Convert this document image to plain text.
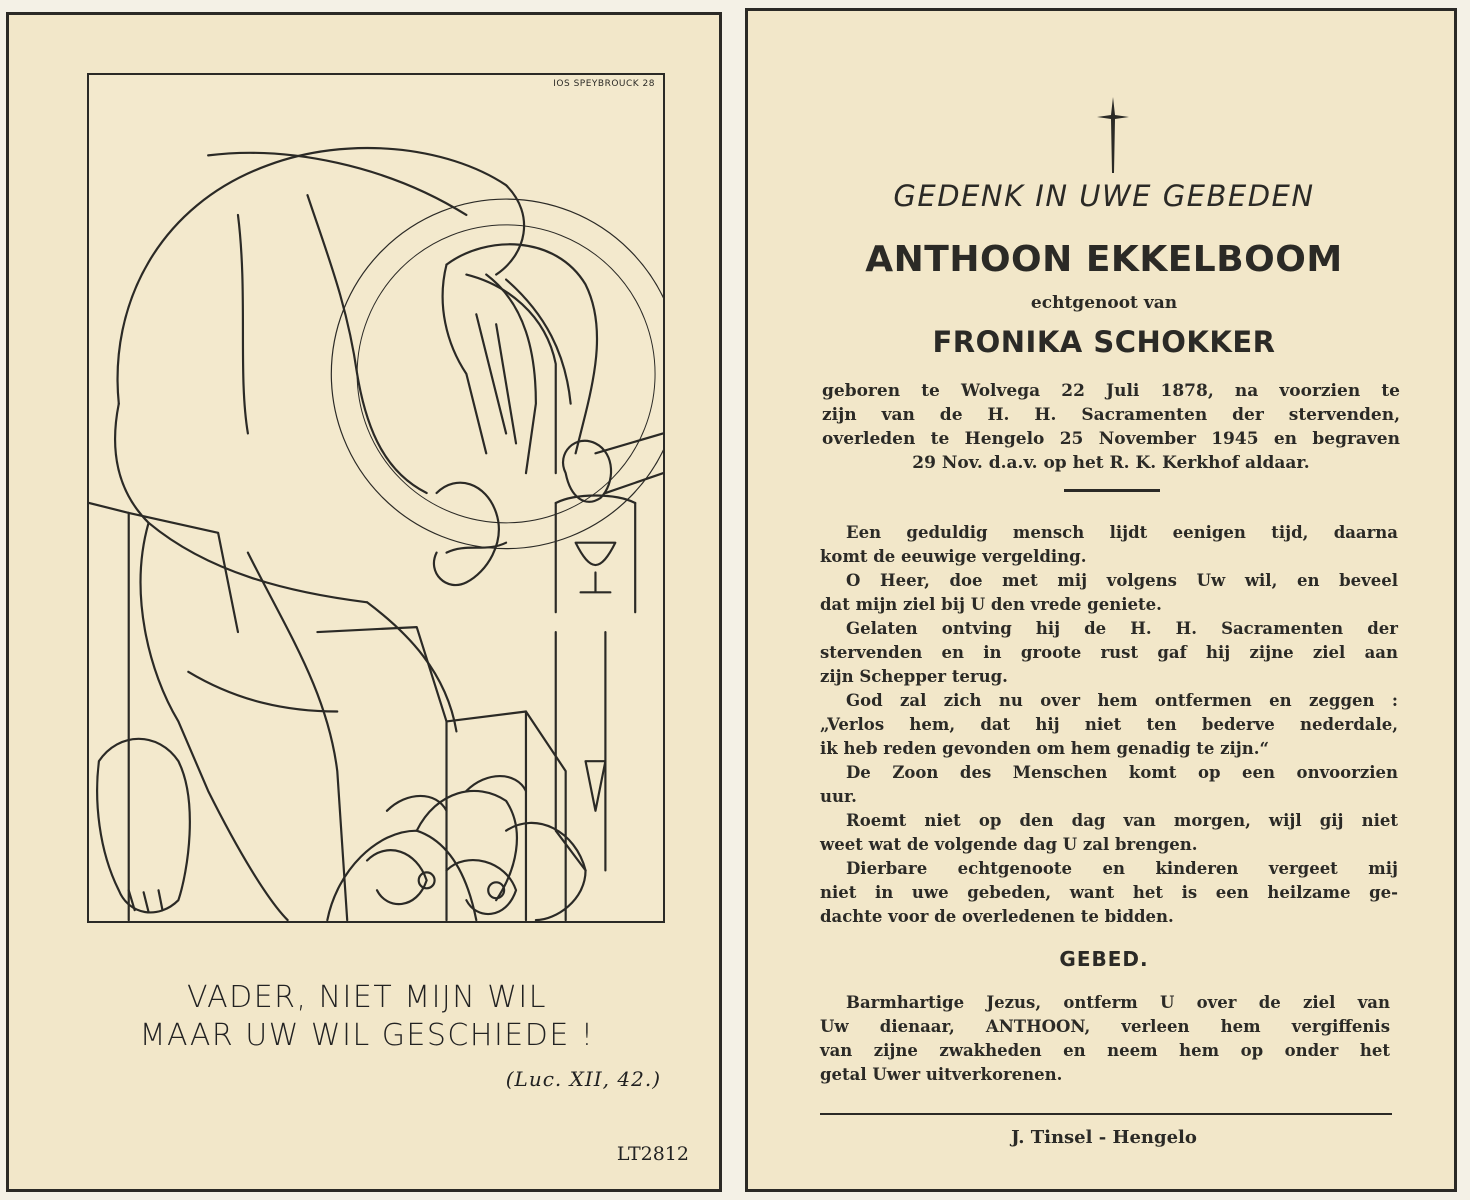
IOS SPEYBROUCK 28
VADER, NIET MIJN WIL
MAAR UW WIL GESCHIEDE !
(Luc. XII, 42.)
LT2812
GEDENK IN UWE GEBEDEN
ANTHOON EKKELBOOM
echtgenoot van
FRONIKA SCHOKKER
geboren te Wolvega 22 Juli 1878, na voorzien te
zijn van de H. H. Sacramenten der stervenden,
overleden te Hengelo 25 November 1945 en begraven
29 Nov. d.a.v. op het R. K. Kerkhof aldaar.
Een geduldig mensch lijdt eenigen tijd, daarna
komt de eeuwige vergelding.
O Heer, doe met mij volgens Uw wil, en beveel
dat mijn ziel bij U den vrede geniete.
Gelaten ontving hij de H. H. Sacramenten der
stervenden en in groote rust gaf hij zijne ziel aan
zijn Schepper terug.
God zal zich nu over hem ontfermen en zeggen :
„Verlos hem, dat hij niet ten bederve nederdale,
ik heb reden gevonden om hem genadig te zijn.“
De Zoon des Menschen komt op een onvoorzien
uur.
Roemt niet op den dag van morgen, wijl gij niet
weet wat de volgende dag U zal brengen.
Dierbare echtgenoote en kinderen vergeet mij
niet in uwe gebeden, want het is een heilzame ge-
dachte voor de overledenen te bidden.
GEBED.
Barmhartige Jezus, ontferm U over de ziel van
Uw dienaar, ANTHOON, verleen hem vergiffenis
van zijne zwakheden en neem hem op onder het
getal Uwer uitverkorenen.
J. Tinsel - Hengelo
